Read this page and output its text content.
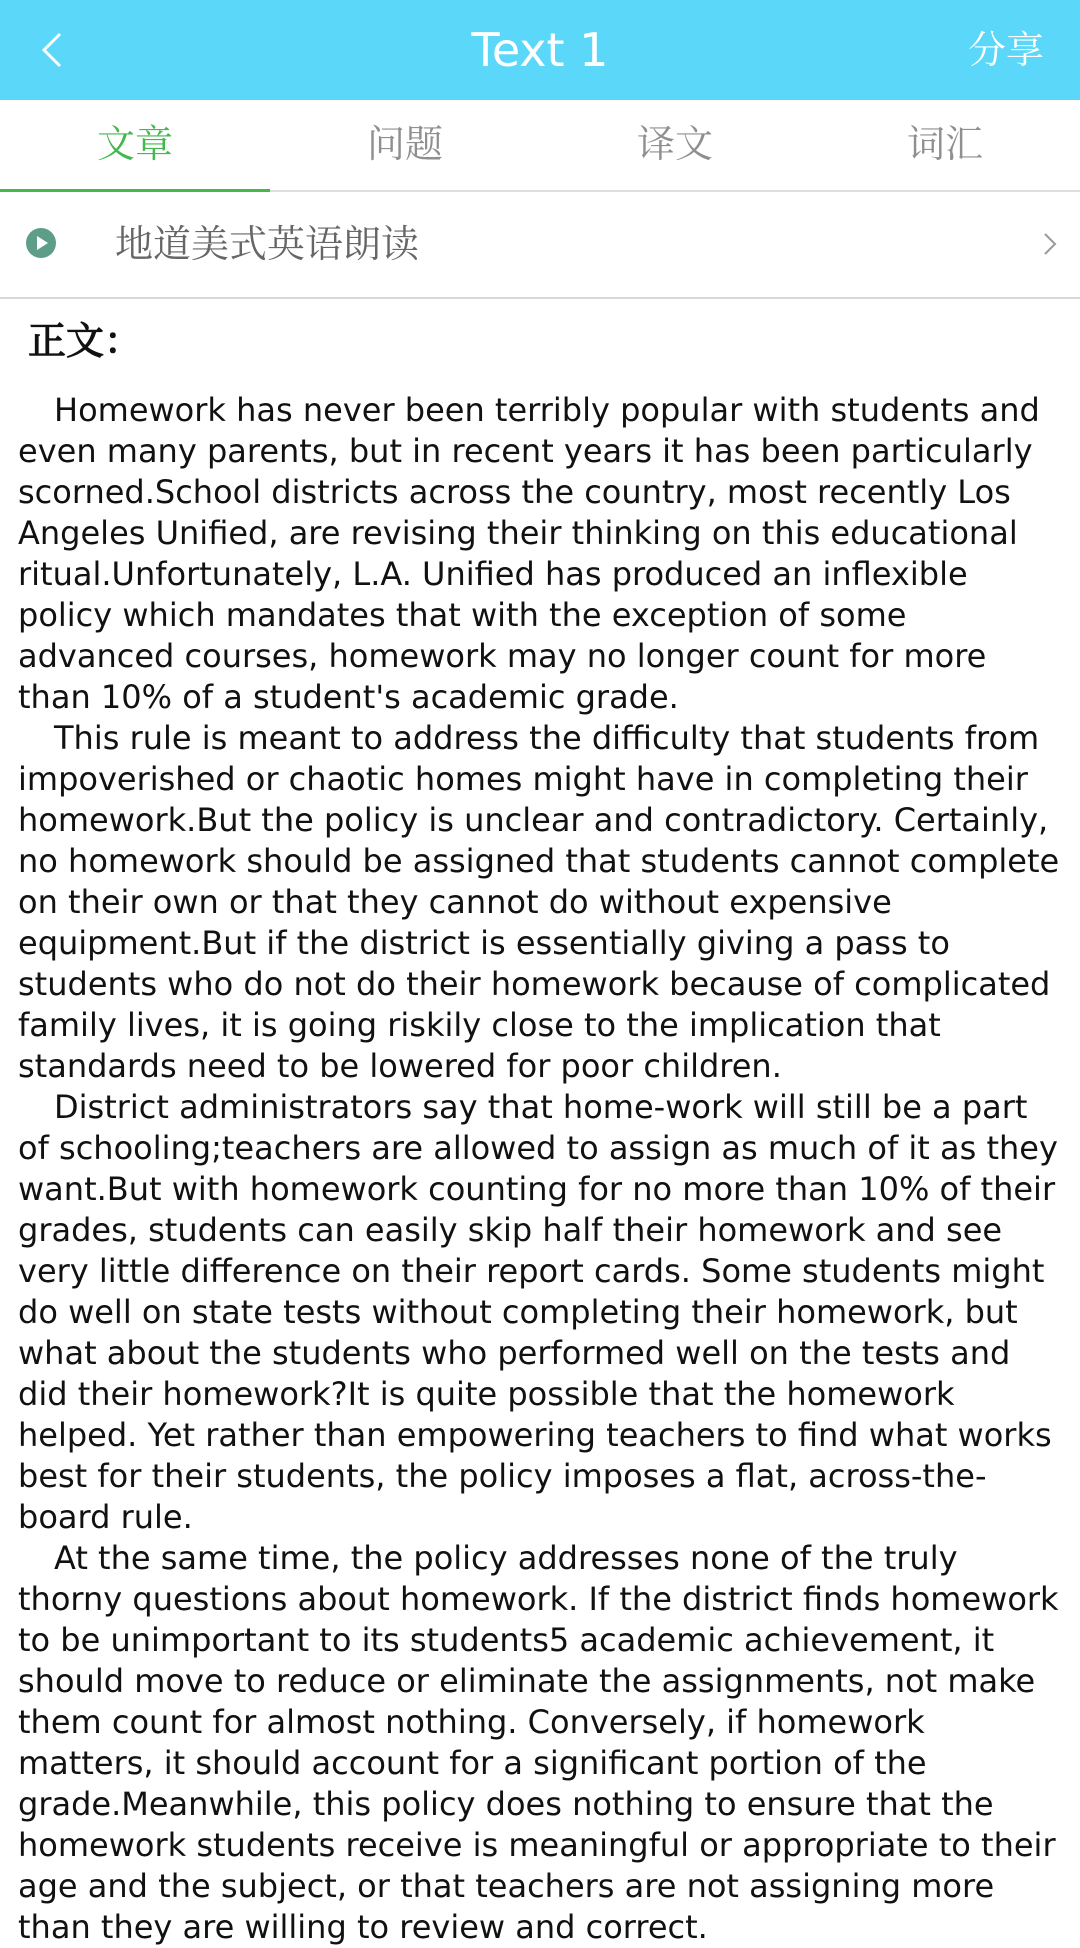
Text 1	分享
文章	问题	译文	词汇
地道美式英语朗读
正文：

Homework has never been terribly popular with students and even many parents, but in recent years it has been particularly scorned.School districts across the country, most recently Los Angeles Unified, are revising their thinking on this educational ritual.Unfortunately, L.A. Unified has produced an inflexible policy which mandates that with the exception of some advanced courses, homework may no longer count for more than 10% of a student's academic grade.

This rule is meant to address the difficulty that students from impoverished or chaotic homes might have in completing their homework.But the policy is unclear and contradictory. Certainly, no homework should be assigned that students cannot complete on their own or that they cannot do without expensive equipment.But if the district is essentially giving a pass to students who do not do their homework because of complicated family lives, it is going riskily close to the implication that standards need to be lowered for poor children.

District administrators say that home-work will still be a part of schooling;teachers are allowed to assign as much of it as they want.But with homework counting for no more than 10% of their grades, students can easily skip half their homework and see very little difference on their report cards. Some students might do well on state tests without completing their homework, but what about the students who performed well on the tests and did their homework?It is quite possible that the homework helped. Yet rather than empowering teachers to find what works best for their students, the policy imposes a flat, across-the-board rule.

At the same time, the policy addresses none of the truly thorny questions about homework. If the district finds homework to be unimportant to its students5 academic achievement, it should move to reduce or eliminate the assignments, not make them count for almost nothing. Conversely, if homework matters, it should account for a significant portion of the grade.Meanwhile, this policy does nothing to ensure that the homework students receive is meaningful or appropriate to their age and the subject, or that teachers are not assigning more than they are willing to review and correct.
